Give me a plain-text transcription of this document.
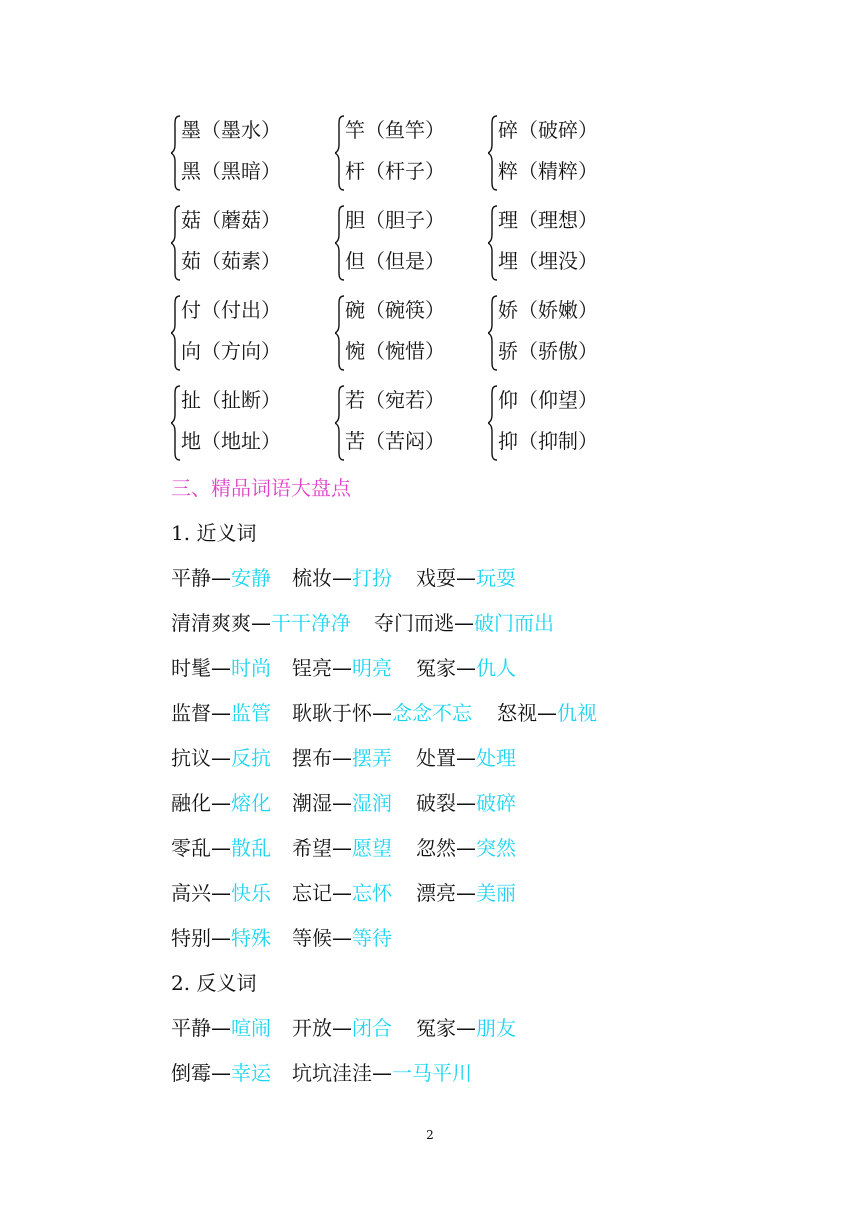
墨（墨水）
黑（黑暗）
竿（鱼竿）
杆（杆子）
碎（破碎）
粹（精粹）
菇（蘑菇）
茹（茹素）
胆（胆子）
但（但是）
理（理想）
埋（埋没）
付（付出）
向（方向）
碗（碗筷）
惋（惋惜）
娇（娇嫩）
骄（骄傲）
扯（扯断）
地（地址）
若（宛若）
苦（苦闷）
仰（仰望）
抑（抑制）
三、精品词语大盘点
1. 近义词
平静—安静 梳妆—打扮 戏耍—玩耍
清清爽爽—干干净净 夺门而逃—破门而出
时髦—时尚 锃亮—明亮 冤家—仇人
监督—监管 耿耿于怀—念念不忘 怒视—仇视
抗议—反抗 摆布—摆弄 处置—处理
融化—熔化 潮湿—湿润 破裂—破碎
零乱—散乱 希望—愿望 忽然—突然
高兴—快乐 忘记—忘怀 漂亮—美丽
特别—特殊 等候—等待
2. 反义词
平静—喧闹 开放—闭合 冤家—朋友
倒霉—幸运 坑坑洼洼—一马平川
2
